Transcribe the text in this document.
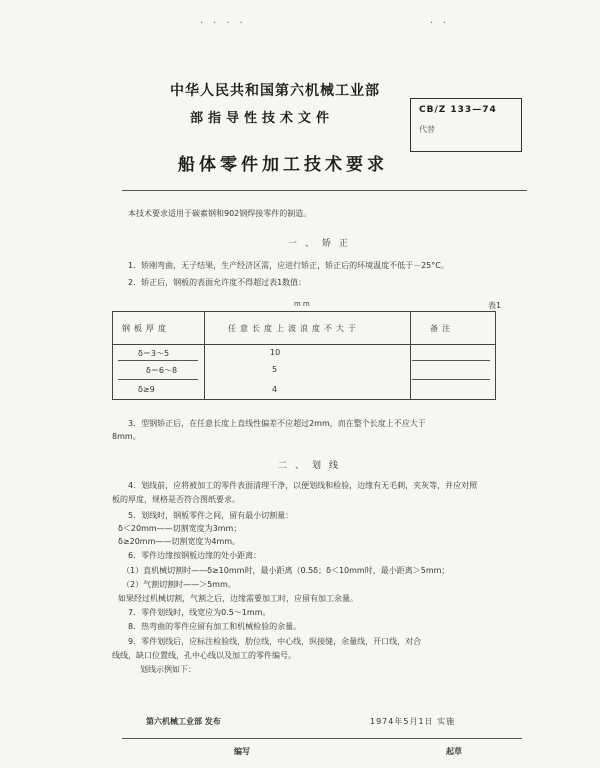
·　·　·　·	·　·
中华人民共和国第六机械工业部
部指导性技术文件
CB/Z 133—74
代替
船体零件加工技术要求
本技术要求适用于碳素钢和902钢焊接零件的制造。
一、矫正
1．矫刚弯曲，无子结果，生产经济区需，应进行矫正，矫正后的环境温度不低于－25°C。
2．矫正后，钢板的表面允许度不得超过表1数值：
mm	表1
钢板厚度	任意长度上波浪度不大于	备注
δ＝3～5	10
δ＝6～8	5
δ≥9	4
3．型钢矫正后，在任意长度上直线性偏差不应超过2mm，而在整个长度上不应大于
8mm。
二、划线
4．划线前，应将被加工的零件表面清理干净，以便划线和检验，边缘有无毛刺，夹灰等，并应对照
板的厚度，规格是否符合图纸要求。
5．划线时，钢板零件之间，留有最小切割量：
δ＜20mm——切割宽度为3mm；
δ≥20mm——切割宽度为4mm。
6．零件边缘按钢板边缘的处小距离：
（1）直机械切割时——δ≥10mm时，最小距离（0.5δ；δ＜10mm时，最小距离＞5mm；
（2）气割切割时——＞5mm。
如果经过机械切割，气割之后，边缘需要加工时，应留有加工余量。
7．零件划线时，线宽应为0.5～1mm。
8．热弯曲的零件应留有加工和机械检验的余量。
9．零件划线后，应标注检验线，肋位线，中心线，纵接缝，余量线，开口线，对合
线线，缺口位置线，孔中心线以及加工的零件编号。
划线示例如下：
第六机械工业部 发布	1974年5月1日 实施
编写	起草
